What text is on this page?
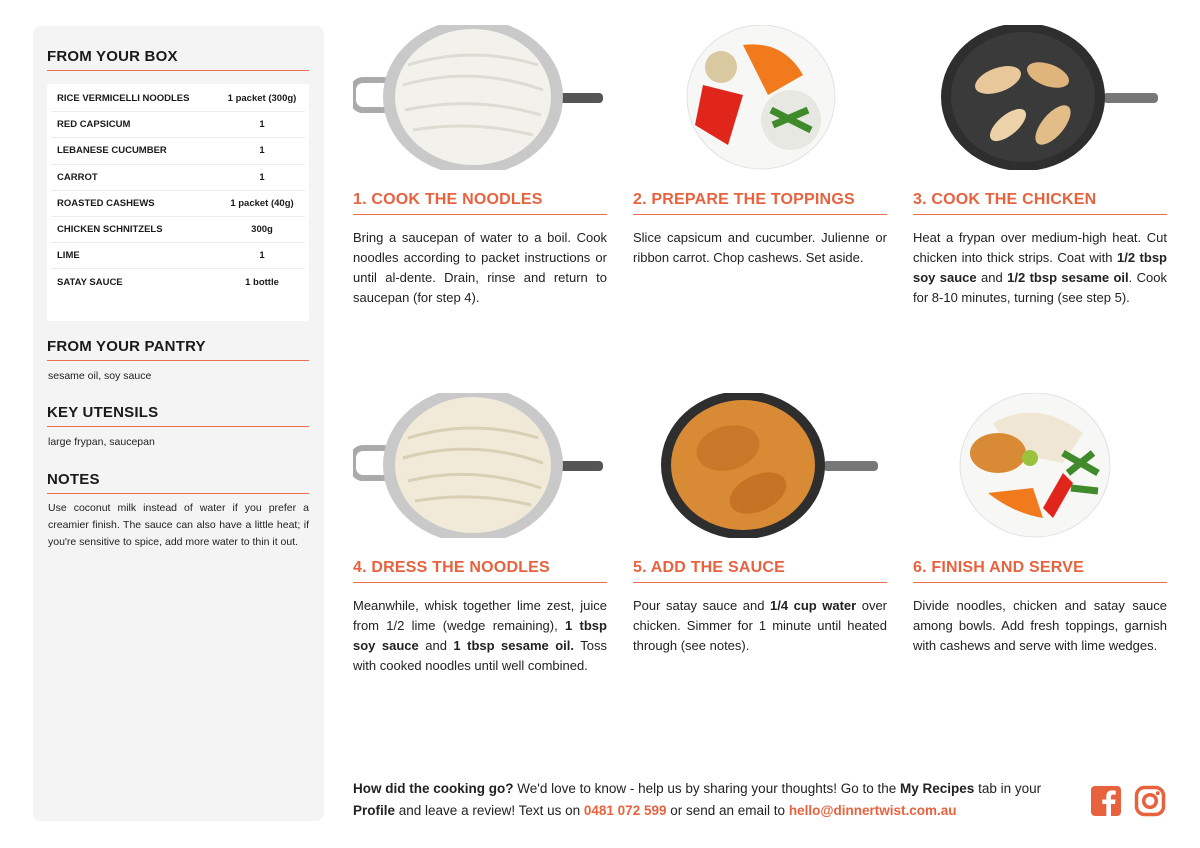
FROM YOUR BOX
RICE VERMICELLI NOODLES	1 packet (300g)
RED CAPSICUM	1
LEBANESE CUCUMBER	1
CARROT	1
ROASTED CASHEWS	1 packet (40g)
CHICKEN SCHNITZELS	300g
LIME	1
SATAY SAUCE	1 bottle
FROM YOUR PANTRY
sesame oil, soy sauce
KEY UTENSILS
large frypan, saucepan
NOTES
Use coconut milk instead of water if you prefer a creamier finish. The sauce can also have a little heat; if you're sensitive to spice, add more water to thin it out.
1. COOK THE NOODLES
Bring a saucepan of water to a boil. Cook noodles according to packet instructions or until al-dente. Drain, rinse and return to saucepan (for step 4).
2. PREPARE THE TOPPINGS
Slice capsicum and cucumber. Julienne or ribbon carrot. Chop cashews. Set aside.
3. COOK THE CHICKEN
Heat a frypan over medium-high heat. Cut chicken into thick strips. Coat with 1/2 tbsp soy sauce and 1/2 tbsp sesame oil. Cook for 8-10 minutes, turning (see step 5).
4. DRESS THE NOODLES
Meanwhile, whisk together lime zest, juice from 1/2 lime (wedge remaining), 1 tbsp soy sauce and 1 tbsp sesame oil. Toss with cooked noodles until well combined.
5. ADD THE SAUCE
Pour satay sauce and 1/4 cup water over chicken. Simmer for 1 minute until heated through (see notes).
6. FINISH AND SERVE
Divide noodles, chicken and satay sauce among bowls. Add fresh toppings, garnish with cashews and serve with lime wedges.
How did the cooking go? We'd love to know - help us by sharing your thoughts! Go to the My Recipes tab in your Profile and leave a review! Text us on 0481 072 599 or send an email to hello@dinnertwist.com.au
